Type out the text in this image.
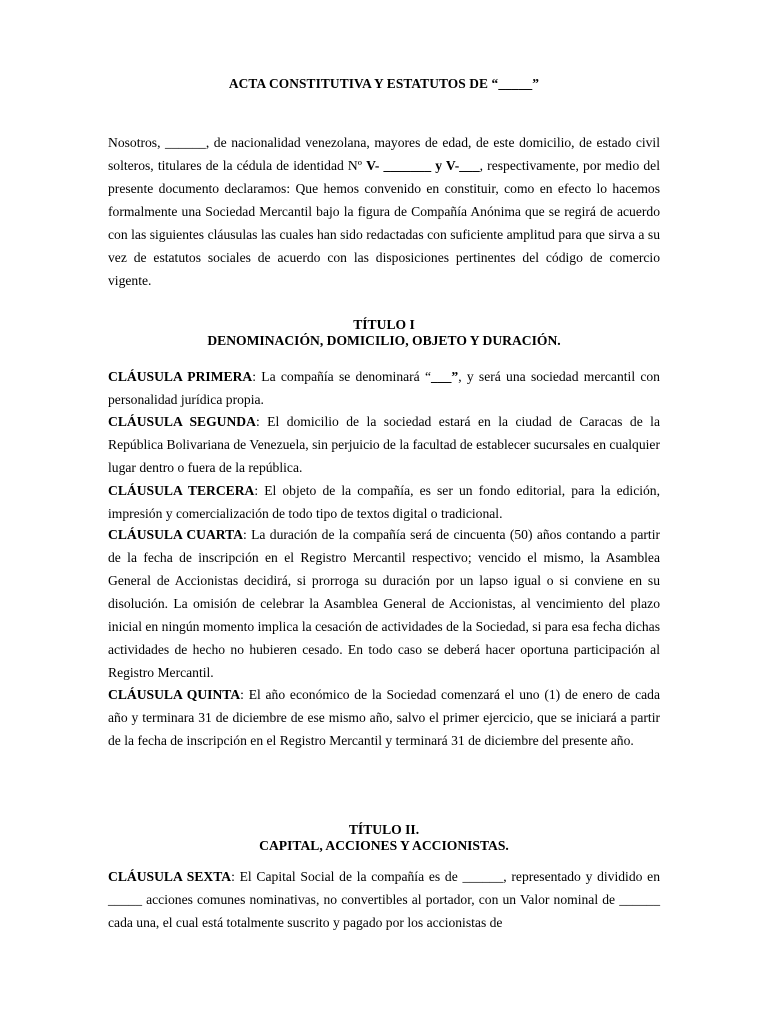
ACTA CONSTITUTIVA Y ESTATUTOS DE “_____”

Nosotros, ______, de nacionalidad venezolana, mayores de edad, de este domicilio, de estado civil solteros, titulares de la cédula de identidad Nº V- _______ y V-___, respectivamente, por medio del presente documento declaramos: Que hemos convenido en constituir, como en efecto lo hacemos formalmente una Sociedad Mercantil bajo la figura de Compañía Anónima que se regirá de acuerdo con las siguientes cláusulas las cuales han sido redactadas con suficiente amplitud para que sirva a su vez de estatutos sociales de acuerdo con las disposiciones pertinentes del código de comercio vigente.

TÍTULO I
DENOMINACIÓN, DOMICILIO, OBJETO Y DURACIÓN.

CLÁUSULA PRIMERA: La compañía se denominará “___”, y será una sociedad mercantil con personalidad jurídica propia.

CLÁUSULA SEGUNDA: El domicilio de la sociedad estará en la ciudad de Caracas de la República Bolivariana de Venezuela, sin perjuicio de la facultad de establecer sucursales en cualquier lugar dentro o fuera de la república.

CLÁUSULA TERCERA: El objeto de la compañía, es ser un fondo editorial, para la edición, impresión y comercialización de todo tipo de textos digital o tradicional.

CLÁUSULA CUARTA: La duración de la compañía será de cincuenta (50) años contando a partir de la fecha de inscripción en el Registro Mercantil respectivo; vencido el mismo, la Asamblea General de Accionistas decidirá, si prorroga su duración por un lapso igual o si conviene en su disolución. La omisión de celebrar la Asamblea General de Accionistas, al vencimiento del plazo inicial en ningún momento implica la cesación de actividades de la Sociedad, si para esa fecha dichas actividades de hecho no hubieren cesado. En todo caso se deberá hacer oportuna participación al Registro Mercantil.

CLÁUSULA QUINTA: El año económico de la Sociedad comenzará el uno (1) de enero de cada año y terminara 31 de diciembre de ese mismo año, salvo el primer ejercicio, que se iniciará a partir de la fecha de inscripción en el Registro Mercantil y terminará 31 de diciembre del presente año.

TÍTULO II.
CAPITAL, ACCIONES Y ACCIONISTAS.

CLÁUSULA SEXTA: El Capital Social de la compañía es de ______, representado y dividido en _____ acciones comunes nominativas, no convertibles al portador, con un Valor nominal de ______ cada una, el cual está totalmente suscrito y pagado por los accionistas de
